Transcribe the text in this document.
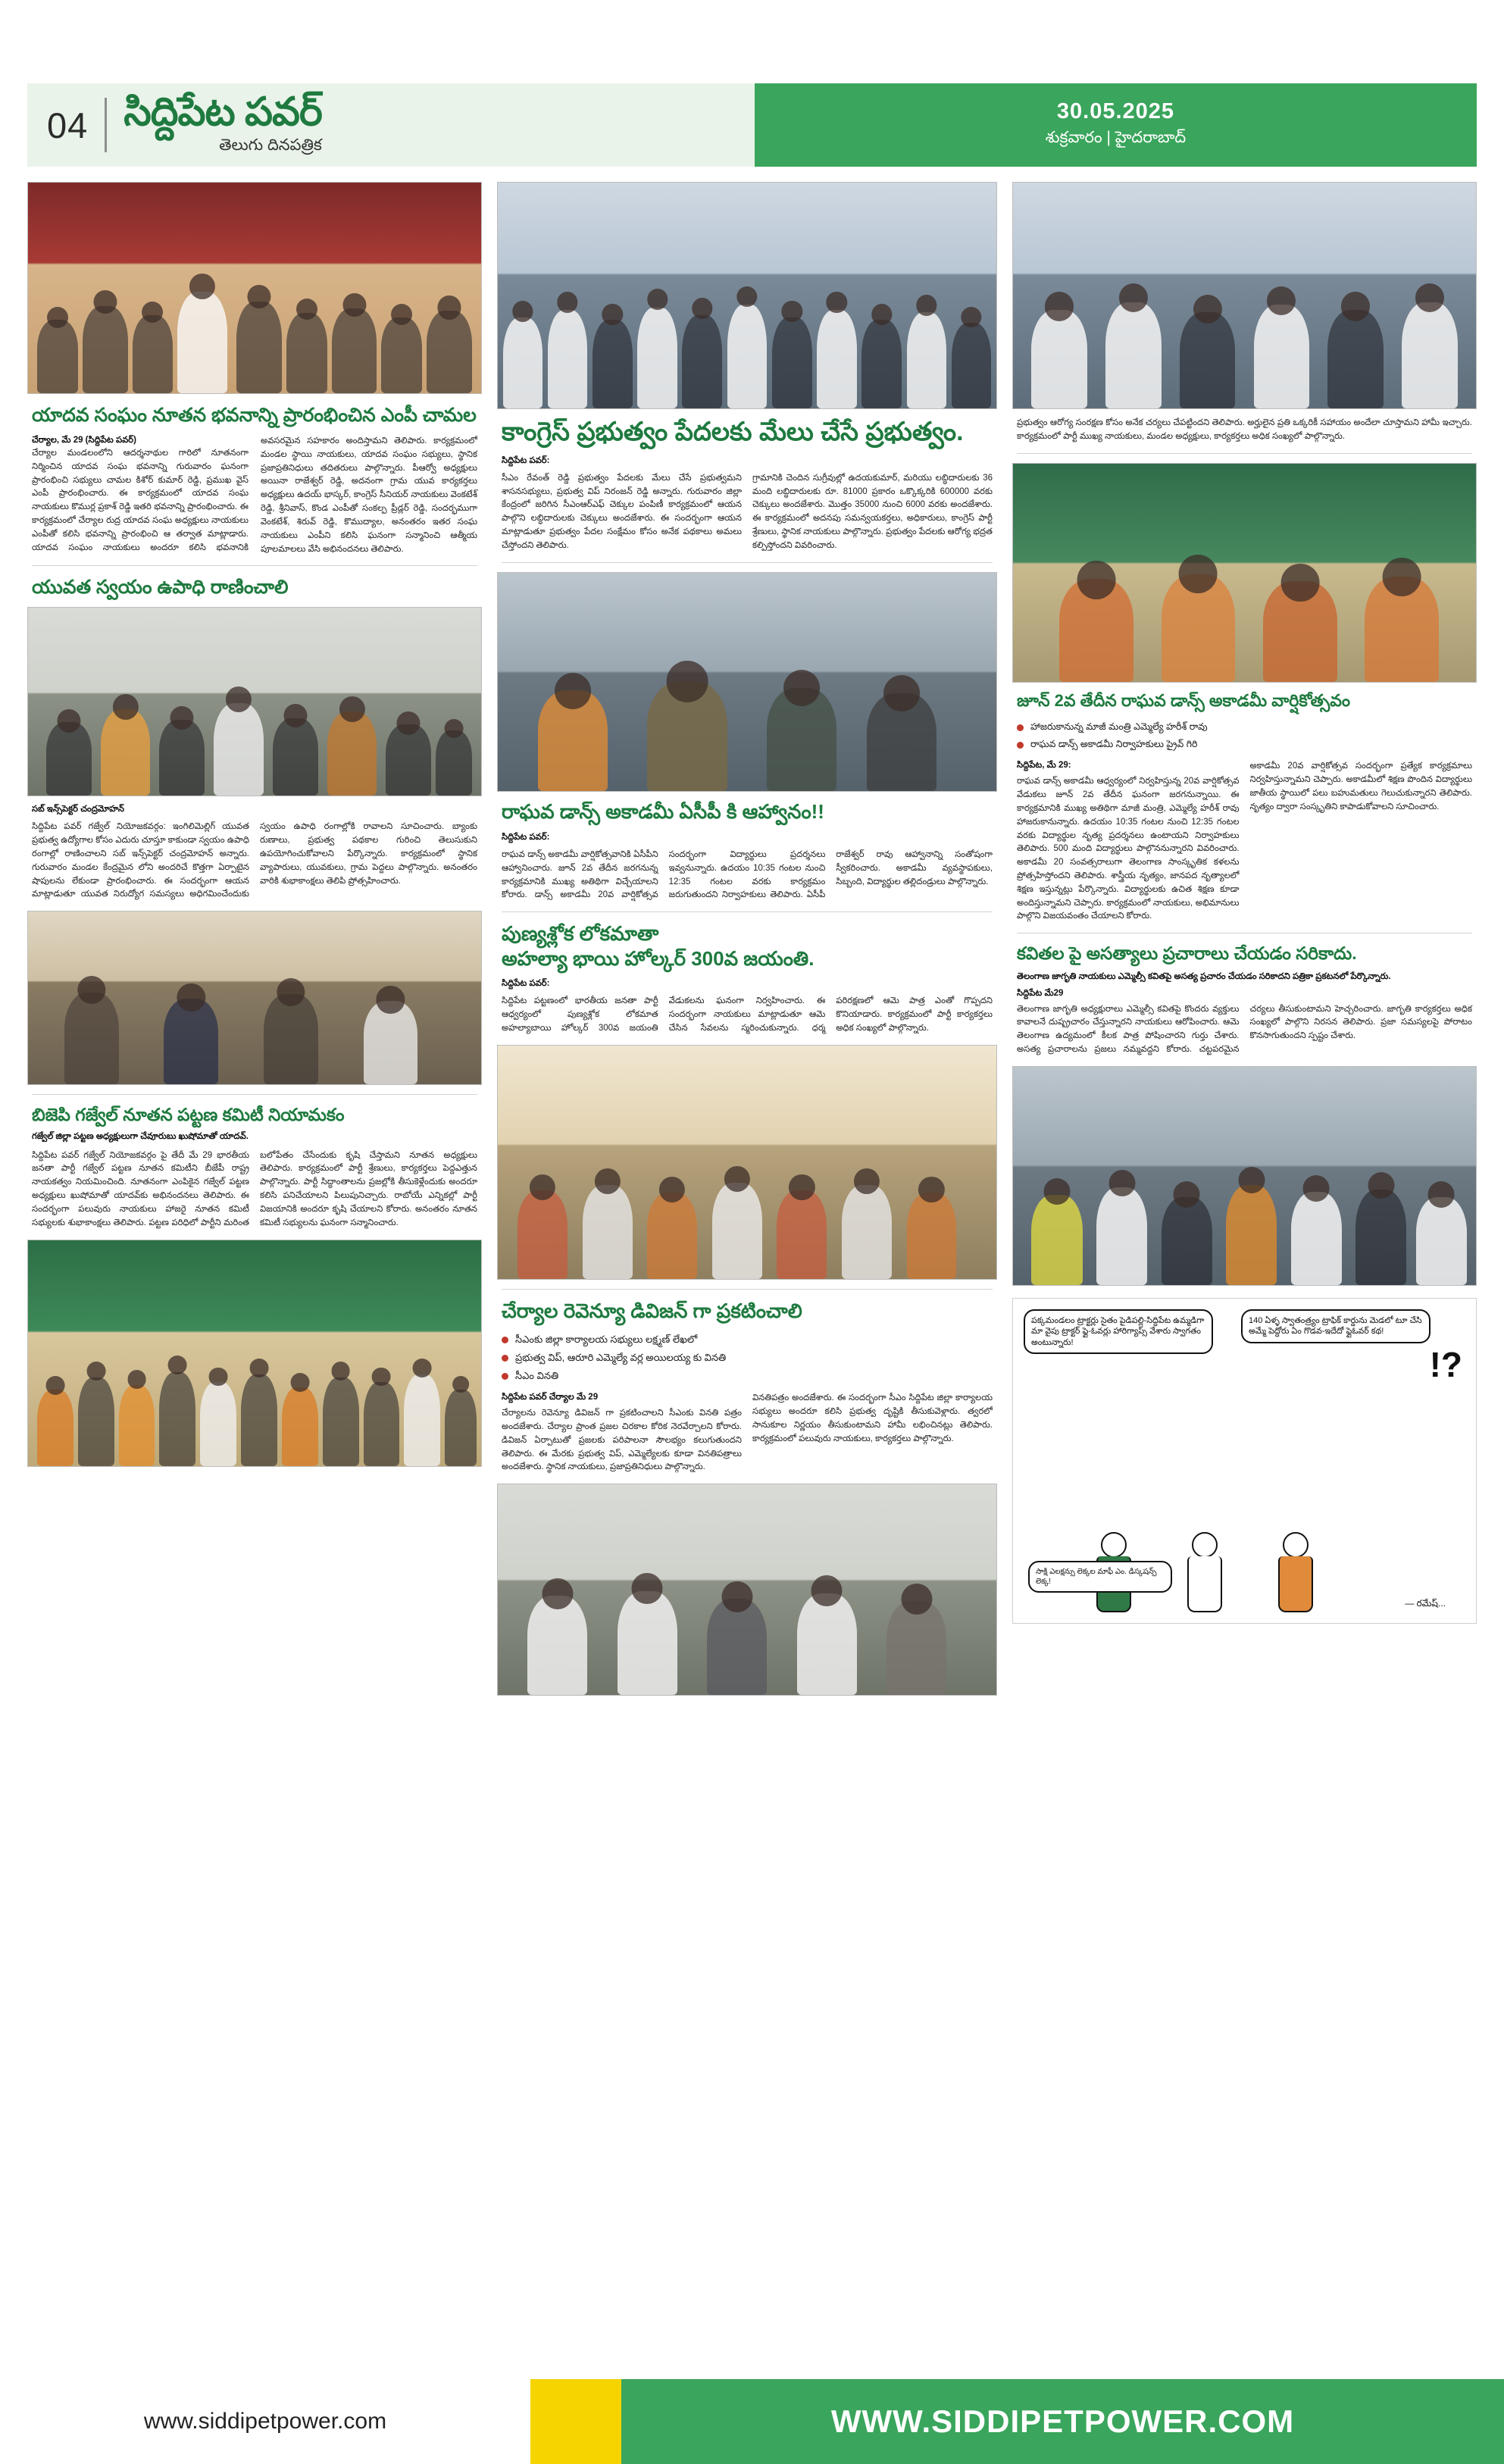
04 సిద్దిపేట పవర్
తెలుగు దినపత్రిక
30.05.2025
శుక్రవారం | హైదరాబాద్
యాదవ సంఘం నూతన భవనాన్ని ప్రారంభించిన ఎంపీ చామల
చేర్యాల, మే 29 (సిద్దిపేట పవర్)
చేర్యాల మండలంలోని ఆదర్శనాథుల గారిలో నూతనంగా నిర్మించిన యాదవ సంఘ భవనాన్ని గురువారం ఘనంగా ప్రారంభించి సభ్యులు చామల కిశోర్ కుమార్ రెడ్డి, ప్రముఖ వైస్ ఎంపీ ప్రారంభించారు. ఈ కార్యక్రమంలో యాదవ సంఘ నాయకులు కొముర్ల ప్రకాశ్ రెడ్డి ఇతరి భవనాన్ని ప్రారంభించారు. ఈ కార్యక్రమంలో చేర్యాల రుద్ర యాదవ సంఘ అధ్యక్షులు నాయకులు ఎంపీతో కలిసి భవనాన్ని ప్రారంభించి ఆ తర్వాత మాట్లాడారు. యాదవ సంఘం నాయకులు అందరూ కలిసి భవనానికి అవసరమైన సహకారం అందిస్తామని తెలిపారు. కార్యక్రమంలో మండల స్థాయి నాయకులు, యాదవ సంఘం సభ్యులు, స్థానిక ప్రజాప్రతినిధులు తదితరులు పాల్గొన్నారు. పీఆర్వో అధ్యక్షులు అయినా రాజేశ్వర్ రెడ్డి, అదనంగా గ్రామ యువ కార్యకర్తలు అధ్యక్షులు ఉదయ్ భాస్కర్, కాంగ్రెస్ సీనియర్ నాయకులు వెంకటేశ్ రెడ్డి, శ్రీనివాస్, కొండ ఎంపీతో సంకల్ప ప్రీడ్లర్ రెడ్డి, సందర్భముగా వెంకటేశ్, శిరువ్ రెడ్డి, కొముద్యాల, అనంతరం ఇతర సంఘ నాయకులు ఎంపీని కలిసి ఘనంగా సన్మానించి ఆత్మీయ పూలమాలలు వేసి అభినందనలు తెలిపారు.
యువత స్వయం ఉపాధి రాణించాలి
సబ్ ఇన్స్‌పెక్టర్ చంద్రమోహన్
సిద్దిపేట పవర్ గజ్వేల్ నియోజకవర్గం: ఇంగిలిమెల్లిగ్ యువత ప్రభుత్వ ఉద్యోగాల కోసం ఎదురు చూస్తూ కాకుండా స్వయం ఉపాధి రంగాల్లో రాణించాలని సబ్ ఇన్స్‌పెక్టర్ చంద్రమోహన్ అన్నారు. గురువారం మండల కేంద్రమైన లోని అందరిచే కొత్తగా ఏర్పాటైన షాపులను లేకుండా ప్రారంభించారు. ఈ సందర్భంగా ఆయన మాట్లాడుతూ యువత నిరుద్యోగ సమస్యలు అధిగమించేందుకు స్వయం ఉపాధి రంగాల్లోకి రావాలని సూచించారు. బ్యాంకు రుణాలు, ప్రభుత్వ పథకాల గురించి తెలుసుకుని ఉపయోగించుకోవాలని పేర్కొన్నారు. కార్యక్రమంలో స్థానిక వ్యాపారులు, యువకులు, గ్రామ పెద్దలు పాల్గొన్నారు. అనంతరం వారికి శుభాకాంక్షలు తెలిపి ప్రోత్సహించారు.
బిజెపి గజ్వేల్ నూతన పట్టణ కమిటీ నియామకం
గజ్వేల్ జిల్లా పట్టణ అధ్యక్షులుగా చేవూరుబు ఖుషోమాతో యాదవ్‌.
సిద్దిపేట పవర్ గజ్వేల్ నియోజకవర్గం పై తేదీ మే 29 భారతీయ జనతా పార్టీ గజ్వేల్ పట్టణ నూతన కమిటీని బీజేపీ రాష్ట్ర నాయకత్వం నియమించింది. నూతనంగా ఎంపికైన గజ్వేల్ పట్టణ అధ్యక్షులు ఖుషోమాతో యాదవ్‌కు అభినందనలు తెలిపారు. ఈ సందర్భంగా పలువురు నాయకులు హాజరై నూతన కమిటీ సభ్యులకు శుభాకాంక్షలు తెలిపారు. పట్టణ పరిధిలో పార్టీని మరింత బలోపేతం చేసేందుకు కృషి చేస్తామని నూతన అధ్యక్షులు తెలిపారు. కార్యక్రమంలో పార్టీ శ్రేణులు, కార్యకర్తలు పెద్దఎత్తున పాల్గొన్నారు. పార్టీ సిద్ధాంతాలను ప్రజల్లోకి తీసుకెళ్లేందుకు అందరూ కలిసి పనిచేయాలని పిలుపునిచ్చారు. రాబోయే ఎన్నికల్లో పార్టీ విజయానికి అందరూ కృషి చేయాలని కోరారు. అనంతరం నూతన కమిటీ సభ్యులను ఘనంగా సన్మానించారు.
కాంగ్రెస్ ప్రభుత్వం పేదలకు మేలు చేసే ప్రభుత్వం.
సిద్దిపేట పవర్:
సీఎం రేవంత్ రెడ్డి ప్రభుత్వం పేదలకు మేలు చేసే ప్రభుత్వమని శాసనసభ్యులు, ప్రభుత్వ విప్ నిరంజన్ రెడ్డి అన్నారు. గురువారం జిల్లా కేంద్రంలో జరిగిన సీఎంఆర్ఎఫ్ చెక్కుల పంపిణీ కార్యక్రమంలో ఆయన పాల్గొని లబ్ధిదారులకు చెక్కులు అందజేశారు. ఈ సందర్భంగా ఆయన మాట్లాడుతూ ప్రభుత్వం పేదల సంక్షేమం కోసం అనేక పథకాలు అమలు చేస్తోందని తెలిపారు.
గ్రామానికి చెందిన సుగ్రీవుల్లో ఉదయకుమార్, మరియు లబ్ధిదారులకు 36 మంది లబ్ధిదారులకు రూ. 81000 ప్రకారం ఒక్కొక్కరికి 600000 వరకు చెక్కులు అందజేశారు. మొత్తం 35000 నుంచి 6000 వరకు అందజేశారు. ఈ కార్యక్రమంలో అదనపు సమన్వయకర్తలు, అధికారులు, కాంగ్రెస్ పార్టీ శ్రేణులు, స్థానిక నాయకులు పాల్గొన్నారు. ప్రభుత్వం పేదలకు ఆరోగ్య భద్రత కల్పిస్తోందని వివరించారు.
రాఘవ డాన్స్ అకాడమీ ఏసీపీ కి ఆహ్వానం!!
సిద్దిపేట పవర్:
రాఘవ డాన్స్ అకాడమీ వార్షికోత్సవానికి ఏసీపీని ఆహ్వానించారు. జూన్ 2వ తేదీన జరగనున్న కార్యక్రమానికి ముఖ్య అతిథిగా విచ్చేయాలని కోరారు. డాన్స్ అకాడమీ 20వ వార్షికోత్సవ సందర్భంగా విద్యార్థులు ప్రదర్శనలు ఇవ్వనున్నారు. ఉదయం 10:35 గంటల నుంచి 12:35 గంటల వరకు కార్యక్రమం జరుగుతుందని నిర్వాహకులు తెలిపారు. ఏసీపీ రాజేశ్వర్ రావు ఆహ్వానాన్ని సంతోషంగా స్వీకరించారు. అకాడమీ వ్యవస్థాపకులు, సిబ్బంది, విద్యార్థుల తల్లిదండ్రులు పాల్గొన్నారు.
పుణ్యశ్లోక లోకమాతా
అహల్యా భాయి హోల్కర్ 300వ జయంతి.
సిద్దిపేట పవర్:
సిద్దిపేట పట్టణంలో భారతీయ జనతా పార్టీ ఆధ్వర్యంలో పుణ్యశ్లోక లోకమాత అహల్యాబాయి హోల్కర్ 300వ జయంతి వేడుకలను ఘనంగా నిర్వహించారు. ఈ సందర్భంగా నాయకులు మాట్లాడుతూ ఆమె చేసిన సేవలను స్మరించుకున్నారు. ధర్మ పరిరక్షణలో ఆమె పాత్ర ఎంతో గొప్పదని కొనియాడారు. కార్యక్రమంలో పార్టీ కార్యకర్తలు అధిక సంఖ్యలో పాల్గొన్నారు.
చేర్యాల రెవెన్యూ డివిజన్ గా ప్రకటించాలి
సీఎంకు జిల్లా కార్యాలయ సభ్యులు లక్ష్మణ్ లేఖలో
ప్రభుత్వ విప్, ఆరూరి ఎమ్మెల్యే వర్ల అయిలయ్య కు వినతి
సీఎం వినతి
సిద్దిపేట పవర్ చేర్యాల మే 29
చేర్యాలను రెవెన్యూ డివిజన్ గా ప్రకటించాలని సీఎంకు వినతి పత్రం అందజేశారు. చేర్యాల ప్రాంత ప్రజల చిరకాల కోరిక నెరవేర్చాలని కోరారు. డివిజన్ ఏర్పాటుతో ప్రజలకు పరిపాలనా సౌలభ్యం కలుగుతుందని తెలిపారు. ఈ మేరకు ప్రభుత్వ విప్, ఎమ్మెల్యేలకు కూడా వినతిపత్రాలు అందజేశారు. స్థానిక నాయకులు, ప్రజాప్రతినిధులు పాల్గొన్నారు.
వినతిపత్రం అందజేశారు. ఈ సందర్భంగా సీఎం సిద్దిపేట జిల్లా కార్యాలయ సభ్యులు అందరూ కలిసి ప్రభుత్వ దృష్టికి తీసుకువెళ్లారు. త్వరలో సానుకూల నిర్ణయం తీసుకుంటామని హామీ లభించినట్లు తెలిపారు. కార్యక్రమంలో పలువురు నాయకులు, కార్యకర్తలు పాల్గొన్నారు.
ప్రభుత్వం ఆరోగ్య సంరక్షణ కోసం అనేక చర్యలు చేపట్టిందని తెలిపారు. అర్హులైన ప్రతి ఒక్కరికీ సహాయం అందేలా చూస్తామని హామీ ఇచ్చారు. కార్యక్రమంలో పార్టీ ముఖ్య నాయకులు, మండల అధ్యక్షులు, కార్యకర్తలు అధిక సంఖ్యలో పాల్గొన్నారు.
జూన్ 2వ తేదీన రాఘవ డాన్స్ అకాడమీ వార్షికోత్సవం
హాజరుకానున్న మాజీ మంత్రి ఎమ్మెల్యే హరీశ్ రావు
రాఘవ డాన్స్ అకాడమీ నిర్వాహకులు ప్రైవ్ గిరి
సిద్దిపేట, మే 29:
రాఘవ డాన్స్ అకాడమీ ఆధ్వర్యంలో నిర్వహిస్తున్న 20వ వార్షికోత్సవ వేడుకలు జూన్ 2వ తేదీన ఘనంగా జరగనున్నాయి. ఈ కార్యక్రమానికి ముఖ్య అతిథిగా మాజీ మంత్రి, ఎమ్మెల్యే హరీశ్ రావు హాజరుకానున్నారు. ఉదయం 10:35 గంటల నుంచి 12:35 గంటల వరకు విద్యార్థుల నృత్య ప్రదర్శనలు ఉంటాయని నిర్వాహకులు తెలిపారు. 500 మంది విద్యార్థులు పాల్గొననున్నారని వివరించారు. అకాడమీ 20 సంవత్సరాలుగా తెలంగాణ సాంస్కృతిక కళలను ప్రోత్సహిస్తోందని తెలిపారు. శాస్త్రీయ నృత్యం, జానపద నృత్యాలలో శిక్షణ ఇస్తున్నట్లు పేర్కొన్నారు. విద్యార్థులకు ఉచిత శిక్షణ కూడా అందిస్తున్నామని చెప్పారు. కార్యక్రమంలో నాయకులు, అభిమానులు పాల్గొని విజయవంతం చేయాలని కోరారు.
అకాడమీ 20వ వార్షికోత్సవ సందర్భంగా ప్రత్యేక కార్యక్రమాలు నిర్వహిస్తున్నామని చెప్పారు. అకాడమీలో శిక్షణ పొందిన విద్యార్థులు జాతీయ స్థాయిలో పలు బహుమతులు గెలుచుకున్నారని తెలిపారు. నృత్యం ద్వారా సంస్కృతిని కాపాడుకోవాలని సూచించారు.
కవితల పై అసత్యాలు ప్రచారాలు చేయడం సరికాదు.
తెలంగాణ జాగృతి నాయకులు ఎమ్మెల్సీ కవితపై అసత్య ప్రచారం చేయడం సరికాదని పత్రికా ప్రకటనలో పేర్కొన్నారు.
సిద్దిపేట మే29
తెలంగాణ జాగృతి అధ్యక్షురాలు ఎమ్మెల్సీ కవితపై కొందరు వ్యక్తులు కావాలనే దుష్ప్రచారం చేస్తున్నారని నాయకులు ఆరోపించారు. ఆమె తెలంగాణ ఉద్యమంలో కీలక పాత్ర పోషించారని గుర్తు చేశారు. అసత్య ప్రచారాలను ప్రజలు నమ్మవద్దని కోరారు. చట్టపరమైన చర్యలు తీసుకుంటామని హెచ్చరించారు. జాగృతి కార్యకర్తలు అధిక సంఖ్యలో పాల్గొని నిరసన తెలిపారు. ప్రజా సమస్యలపై పోరాటం కొనసాగుతుందని స్పష్టం చేశారు.
పక్కమండలం ట్రాక్టర్లు సైతం పైడిపల్లి-సిద్దిపేట ఉమ్మడిగా మా వైపు ట్రాక్టర్ ఫ్లై-ఓవర్లు హారిగ్యాప్స్ వేశారు స్వాగతం అంటున్నారు!
140 ఏళ్ళ స్వాతంత్ర్యం ట్రాఫిక్ కార్డును మెడలో టూ చేసి అమ్మే పెద్దోరు ఏం గొడవ-ఇదేదో ఫ్లైఓవర్ కథ!
!?
సాక్షి ఎలక్షన్సు లెక్కల మాఫీ ఎం. డిస్కషన్స్ లెక్క!
— రమేష్...
www.siddipetpower.com	WWW.SIDDIPETPOWER.COM
